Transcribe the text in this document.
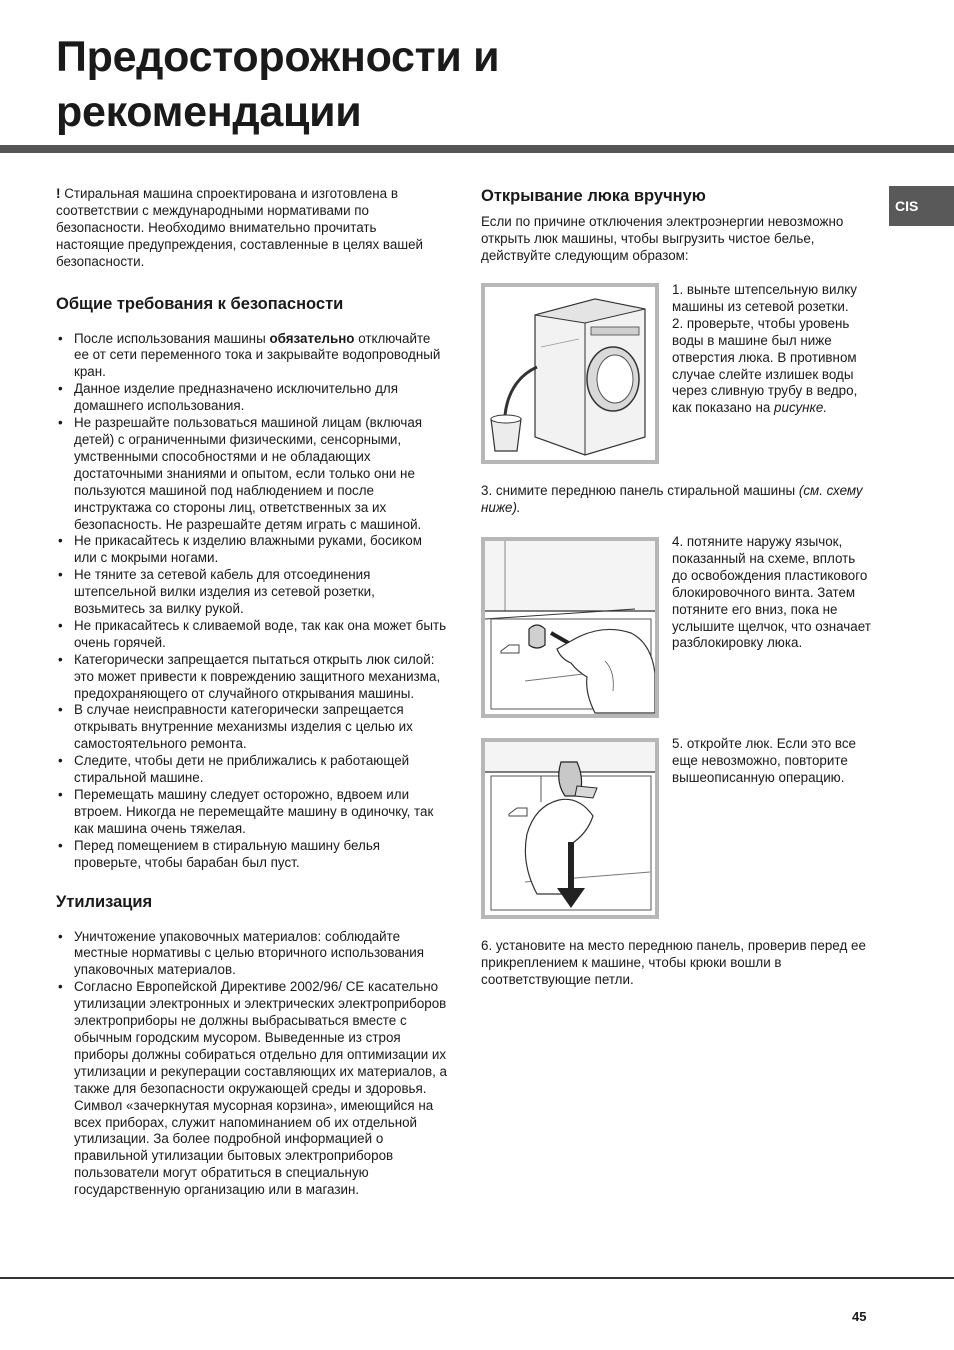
Предосторожности и рекомендации
CIS

! Стиральная машина спроектирована и изготовлена в соответствии с международными нормативами по безопасности. Необходимо внимательно прочитать настоящие предупреждения, составленные в целях вашей безопасности.

Общие требования к безопасности
• После использования машины обязательно отключайте ее от сети переменного тока и закрывайте водопроводный кран.
• Данное изделие предназначено исключительно для домашнего использования.
• Не разрешайте пользоваться машиной лицам (включая детей) с ограниченными физическими, сенсорными, умственными способностями и не обладающих достаточными знаниями и опытом, если только они не пользуются машиной под наблюдением и после инструктажа со стороны лиц, ответственных за их безопасность. Не разрешайте детям играть с машиной.
• Не прикасайтесь к изделию влажными руками, босиком или с мокрыми ногами.
• Не тяните за сетевой кабель для отсоединения штепсельной вилки изделия из сетевой розетки, возьмитесь за вилку рукой.
• Не прикасайтесь к сливаемой воде, так как она может быть очень горячей.
• Категорически запрещается пытаться открыть люк силой: это может привести к повреждению защитного механизма, предохраняющего от случайного открывания машины.
• В случае неисправности категорически запрещается открывать внутренние механизмы изделия с целью их самостоятельного ремонта.
• Следите, чтобы дети не приближались к работающей стиральной машине.
• Перемещать машину следует осторожно, вдвоем или втроем. Никогда не перемещайте машину в одиночку, так как машина очень тяжелая.
• Перед помещением в стиральную машину белья проверьте, чтобы барабан был пуст.
Утилизация
• Уничтожение упаковочных материалов: соблюдайте местные нормативы с целью вторичного использования упаковочных материалов.
• Согласно Европейской Директиве 2002/96/ CE касательно утилизации электронных и электрических электроприборов электроприборы не должны выбрасываться вместе с обычным городским мусором. Выведенные из строя приборы должны собираться отдельно для оптимизации их утилизации и рекуперации составляющих их материалов, а также для безопасности окружающей среды и здоровья. Символ «зачеркнутая мусорная корзина», имеющийся на всех приборах, служит напоминанием об их отдельной утилизации. За более подробной информацией о правильной утилизации бытовых электроприборов пользователи могут обратиться в специальную государственную организацию или в магазин.
Открывание люка вручную

Если по причине отключения электроэнергии невозможно открыть люк машины, чтобы выгрузить чистое белье, действуйте следующим образом:

1. выньте штепсельную вилку машины из сетевой розетки.
2. проверьте, чтобы уровень воды в машине был ниже отверстия люка. В противном случае слейте излишек воды через сливную трубу в ведро, как показано на рисунке.

3. снимите переднюю панель стиральной машины (см. схему ниже).

4. потяните наружу язычок, показанный на схеме, вплоть до освобождения пластикового блокировочного винта. Затем потяните его вниз, пока не услышите щелчок, что означает разблокировку люка.

5. откройте люк. Если это все еще невозможно, повторите вышеописанную операцию.

6. установите на место переднюю панель, проверив перед ее прикреплением к машине, чтобы крюки вошли в соответствующие петли.

45
